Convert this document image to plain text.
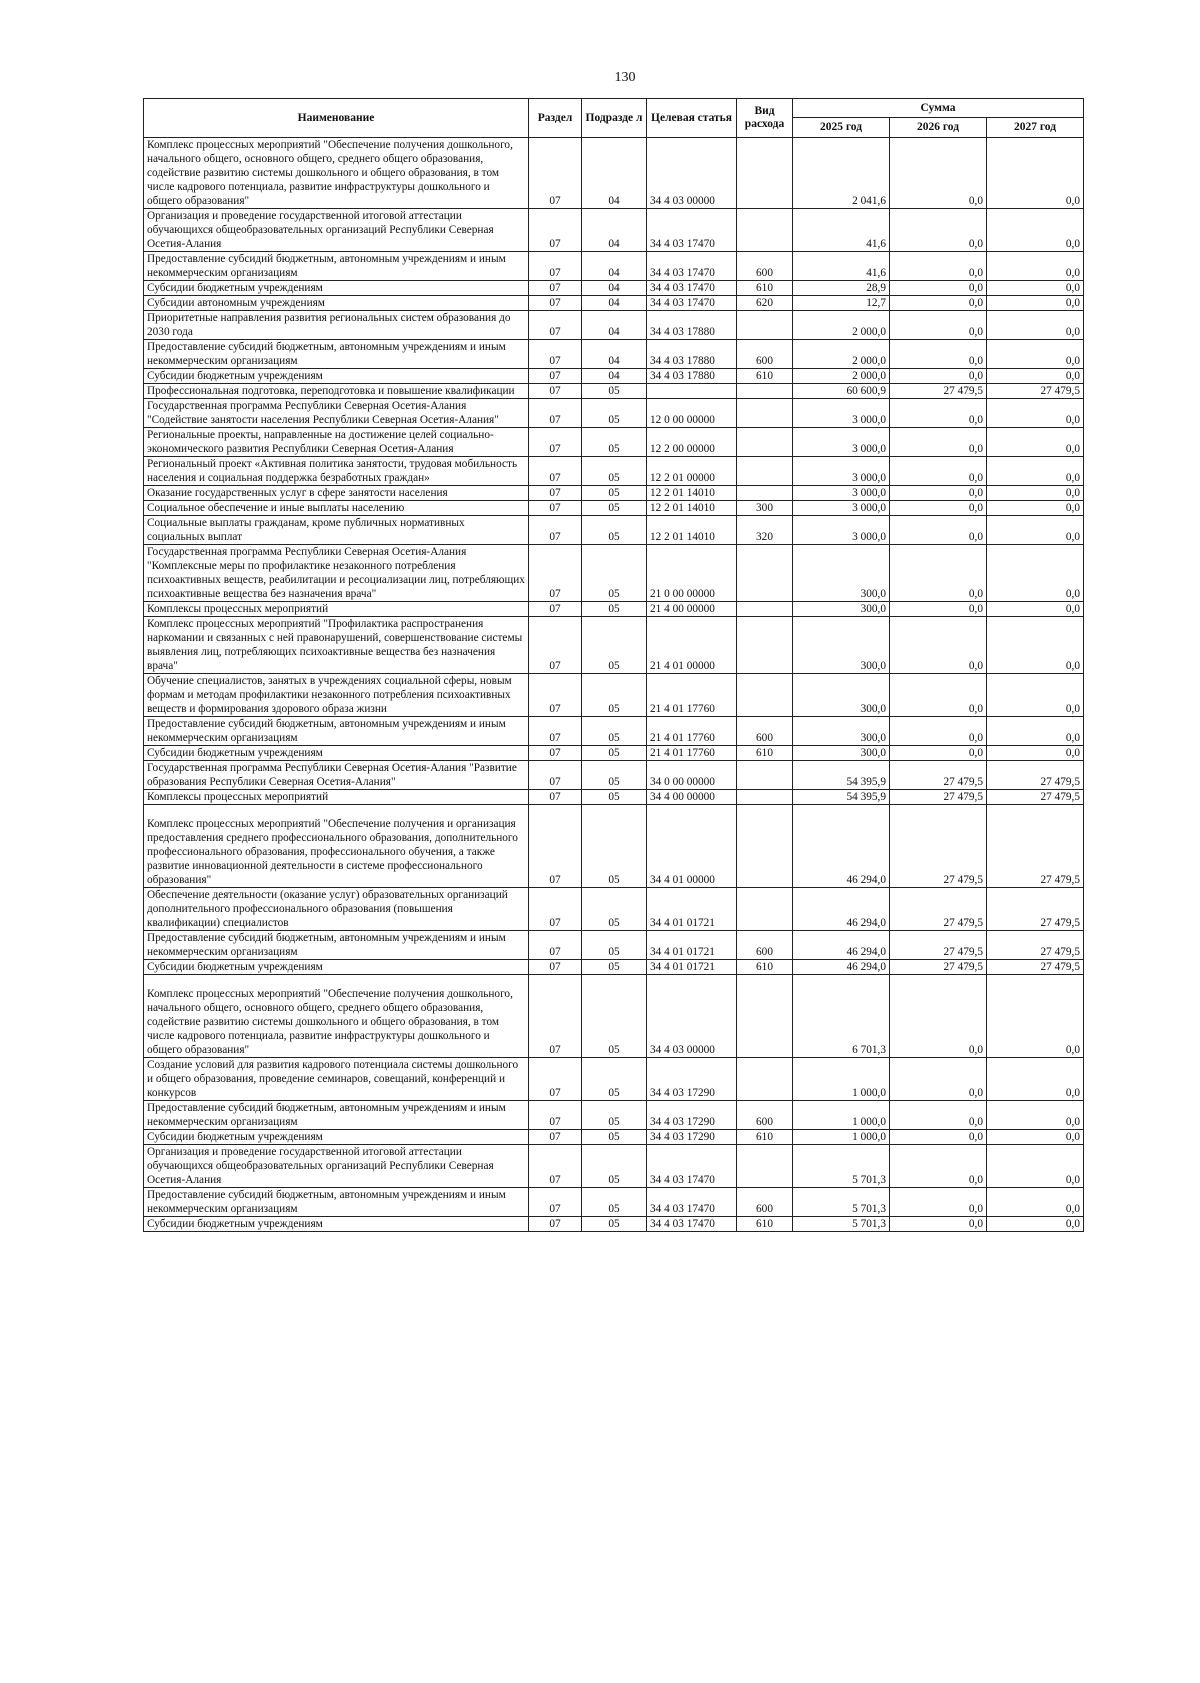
130
Наименование	Раздел	Подразде л	Целевая статья	Вид расхода	Сумма		
					2025 год	2026 год	2027 год
Комплекс процессных мероприятий "Обеспечение получения дошкольного, начального общего, основного общего, среднего общего образования, содействие развитию системы дошкольного и общего образования, в том числе кадрового потенциала, развитие инфраструктуры дошкольного и общего образования"	07	04	34 4 03 00000		2 041,6	0,0	0,0
Организация и проведение государственной итоговой аттестации обучающихся общеобразовательных организаций Республики Северная Осетия-Алания	07	04	34 4 03 17470		41,6	0,0	0,0
Предоставление субсидий бюджетным, автономным учреждениям и иным некоммерческим организациям	07	04	34 4 03 17470	600	41,6	0,0	0,0
Субсидии бюджетным учреждениям	07	04	34 4 03 17470	610	28,9	0,0	0,0
Субсидии автономным учреждениям	07	04	34 4 03 17470	620	12,7	0,0	0,0
Приоритетные направления развития региональных систем образования до 2030 года	07	04	34 4 03 17880		2 000,0	0,0	0,0
Предоставление субсидий бюджетным, автономным учреждениям и иным некоммерческим организациям	07	04	34 4 03 17880	600	2 000,0	0,0	0,0
Субсидии бюджетным учреждениям	07	04	34 4 03 17880	610	2 000,0	0,0	0,0
Профессиональная подготовка, переподготовка и повышение квалификации	07	05			60 600,9	27 479,5	27 479,5
Государственная программа Республики Северная Осетия-Алания "Содействие занятости населения Республики Северная Осетия-Алания"	07	05	12 0 00 00000		3 000,0	0,0	0,0
Региональные проекты, направленные на достижение целей социально-экономического развития Республики Северная Осетия-Алания	07	05	12 2 00 00000		3 000,0	0,0	0,0
Региональный проект «Активная политика занятости, трудовая мобильность населения и социальная поддержка безработных граждан»	07	05	12 2 01 00000		3 000,0	0,0	0,0
Оказание государственных услуг в сфере занятости населения	07	05	12 2 01 14010		3 000,0	0,0	0,0
Социальное обеспечение и иные выплаты населению	07	05	12 2 01 14010	300	3 000,0	0,0	0,0
Социальные выплаты гражданам, кроме публичных нормативных социальных выплат	07	05	12 2 01 14010	320	3 000,0	0,0	0,0
Государственная программа Республики Северная Осетия-Алания "Комплексные меры по профилактике незаконного потребления психоактивных веществ, реабилитации и ресоциализации лиц, потребляющих психоактивные вещества без назначения врача"	07	05	21 0 00 00000		300,0	0,0	0,0
Комплексы процессных мероприятий	07	05	21 4 00 00000		300,0	0,0	0,0
Комплекс процессных мероприятий "Профилактика распространения наркомании и связанных с ней правонарушений, совершенствование системы выявления лиц, потребляющих психоактивные вещества без назначения врача"	07	05	21 4 01 00000		300,0	0,0	0,0
Обучение специалистов, занятых в учреждениях социальной сферы, новым формам и методам профилактики незаконного потребления психоактивных веществ и формирования здорового образа жизни	07	05	21 4 01 17760		300,0	0,0	0,0
Предоставление субсидий бюджетным, автономным учреждениям и иным некоммерческим организациям	07	05	21 4 01 17760	600	300,0	0,0	0,0
Субсидии бюджетным учреждениям	07	05	21 4 01 17760	610	300,0	0,0	0,0
Государственная программа Республики Северная Осетия-Алания "Развитие образования Республики Северная Осетия-Алания"	07	05	34 0 00 00000		54 395,9	27 479,5	27 479,5
Комплексы процессных мероприятий	07	05	34 4 00 00000		54 395,9	27 479,5	27 479,5
Комплекс процессных мероприятий "Обеспечение получения и организация предоставления среднего профессионального образования, дополнительного профессионального образования, профессионального обучения, а также развитие инновационной деятельности в системе профессионального образования"	07	05	34 4 01 00000		46 294,0	27 479,5	27 479,5
Обеспечение деятельности (оказание услуг) образовательных организаций дополнительного профессионального образования (повышения квалификации) специалистов	07	05	34 4 01 01721		46 294,0	27 479,5	27 479,5
Предоставление субсидий бюджетным, автономным учреждениям и иным некоммерческим организациям	07	05	34 4 01 01721	600	46 294,0	27 479,5	27 479,5
Субсидии бюджетным учреждениям	07	05	34 4 01 01721	610	46 294,0	27 479,5	27 479,5
Комплекс процессных мероприятий "Обеспечение получения дошкольного, начального общего, основного общего, среднего общего образования, содействие развитию системы дошкольного и общего образования, в том числе кадрового потенциала, развитие инфраструктуры дошкольного и общего образования"	07	05	34 4 03 00000		6 701,3	0,0	0,0
Создание условий для развития кадрового потенциала системы дошкольного и общего образования, проведение семинаров, совещаний, конференций и конкурсов	07	05	34 4 03 17290		1 000,0	0,0	0,0
Предоставление субсидий бюджетным, автономным учреждениям и иным некоммерческим организациям	07	05	34 4 03 17290	600	1 000,0	0,0	0,0
Субсидии бюджетным учреждениям	07	05	34 4 03 17290	610	1 000,0	0,0	0,0
Организация и проведение государственной итоговой аттестации обучающихся общеобразовательных организаций Республики Северная Осетия-Алания	07	05	34 4 03 17470		5 701,3	0,0	0,0
Предоставление субсидий бюджетным, автономным учреждениям и иным некоммерческим организациям	07	05	34 4 03 17470	600	5 701,3	0,0	0,0
Субсидии бюджетным учреждениям	07	05	34 4 03 17470	610	5 701,3	0,0	0,0
